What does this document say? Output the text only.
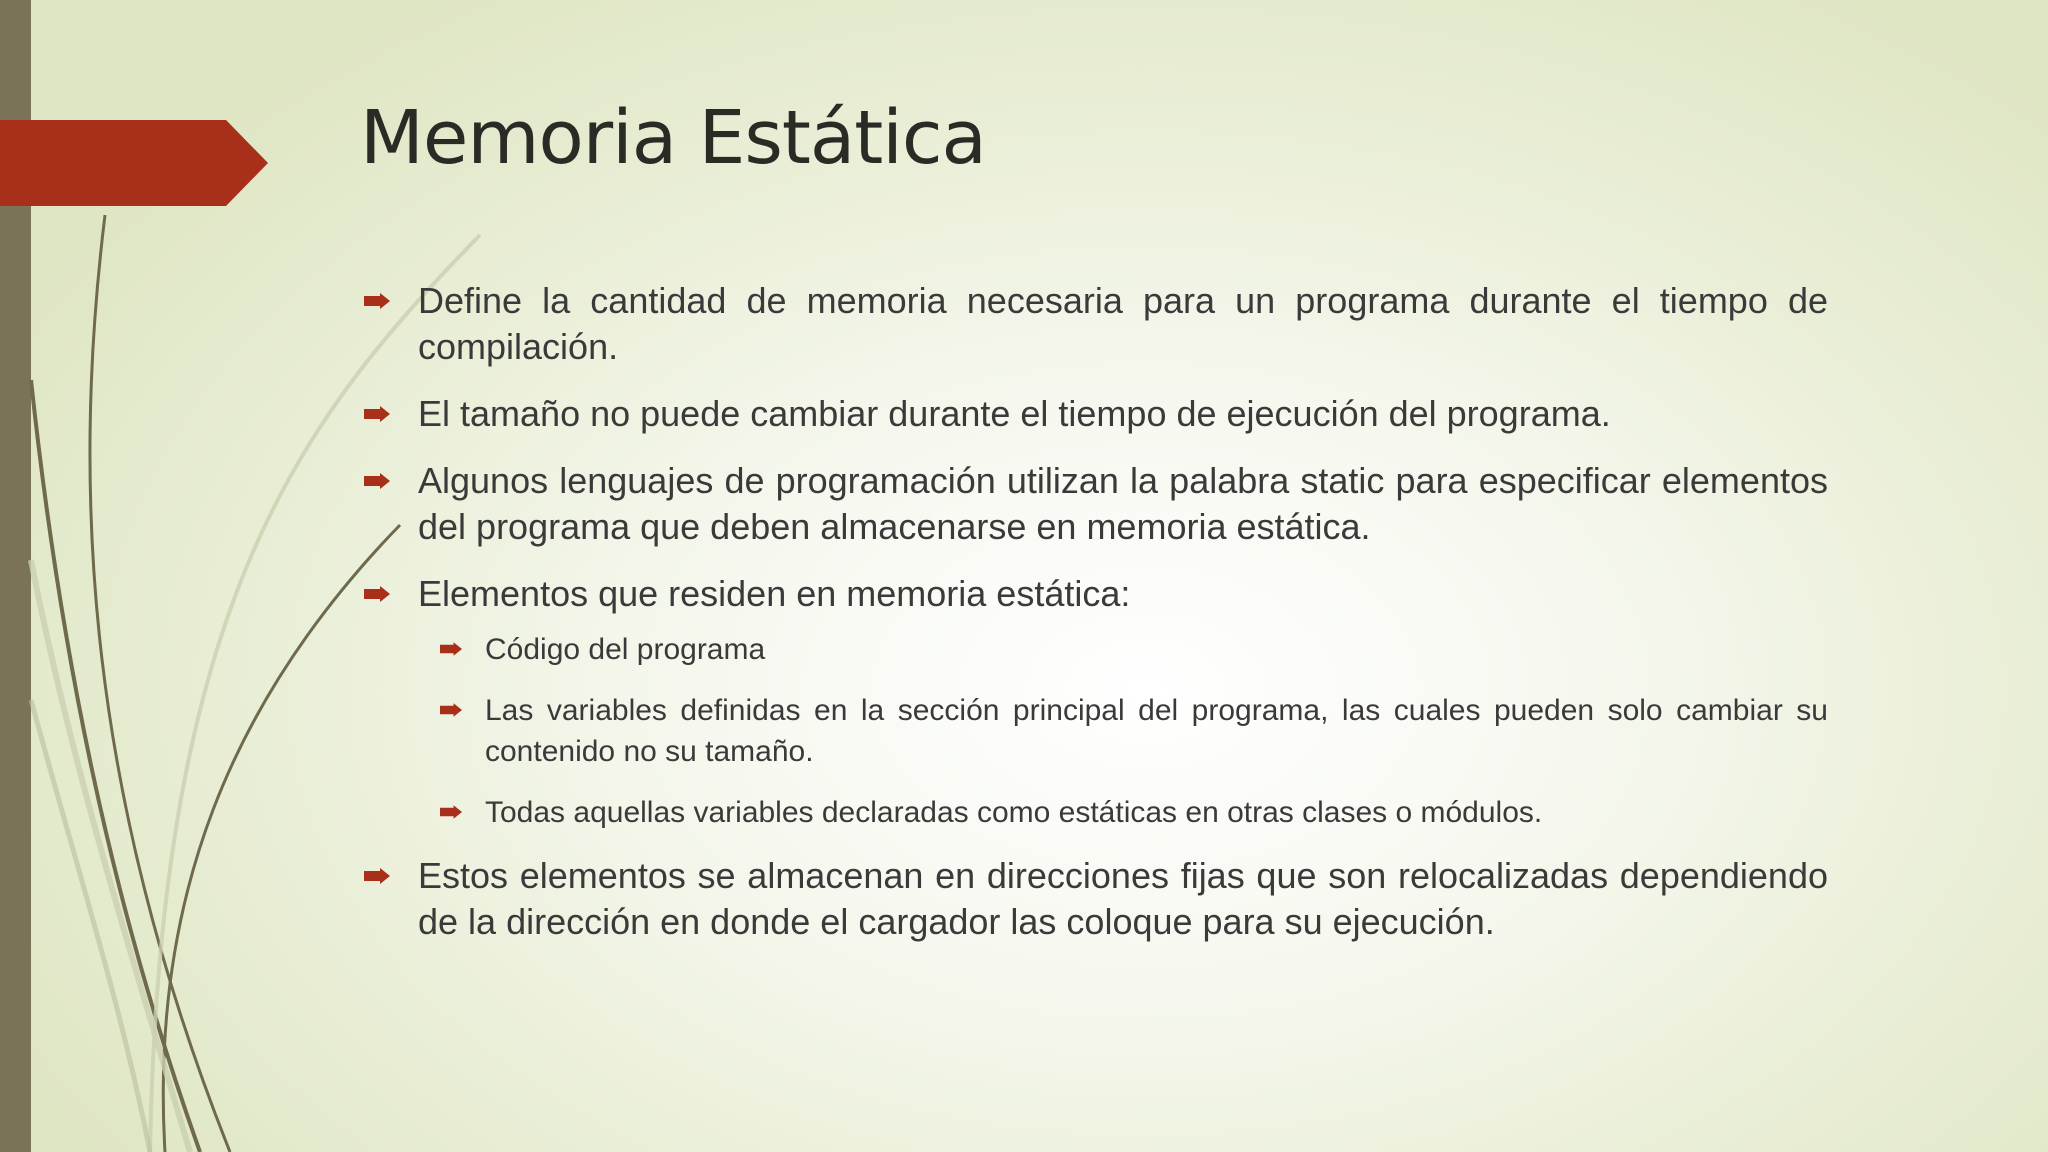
Memoria Estática
Define la cantidad de memoria necesaria para un programa durante el tiempo de compilación.
El tamaño no puede cambiar durante el tiempo de ejecución del programa.
Algunos lenguajes de programación utilizan la palabra static para especificar elementos del programa que deben almacenarse en memoria estática.
Elementos que residen en memoria estática:
Código del programa
Las variables definidas en la sección principal del programa, las cuales pueden solo cambiar su contenido no su tamaño.
Todas aquellas variables declaradas como estáticas en otras clases o módulos.
Estos elementos se almacenan en direcciones fijas que son relocalizadas dependiendo de la dirección en donde el cargador las coloque para su ejecución.
